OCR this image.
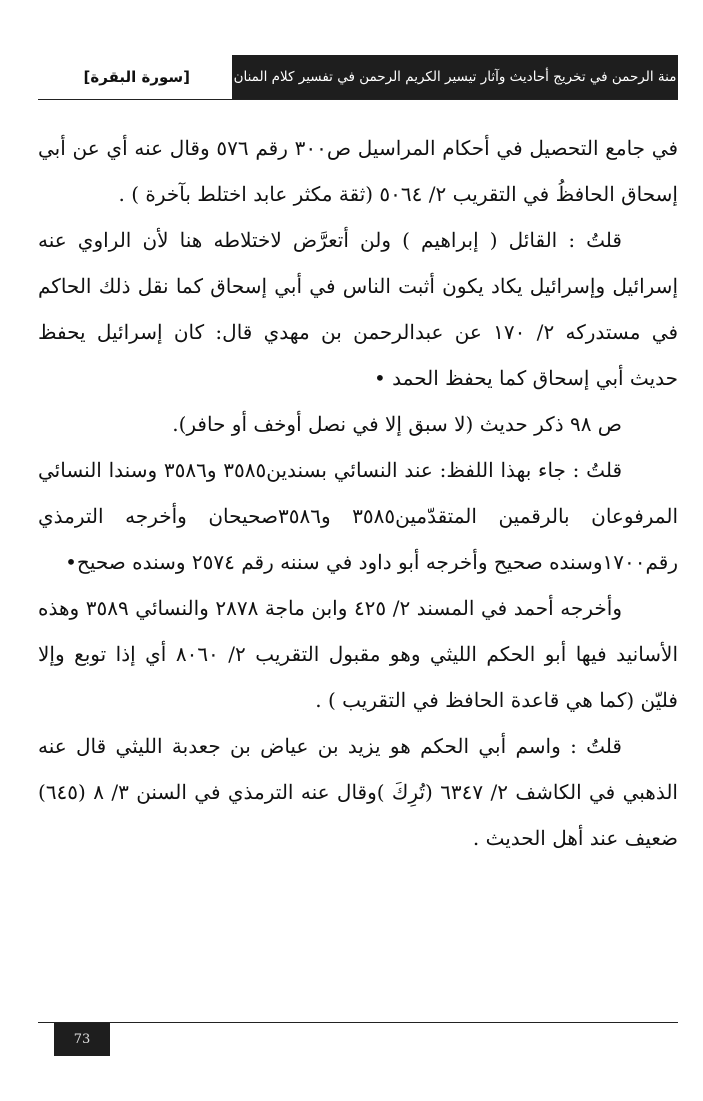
منة الرحمن في تخريج أحاديث وآثار تيسير الكريم الرحمن في تفسير كلام المنان
[سورة البقرة]

في جامع التحصيل في أحكام المراسيل ص٣٠٠ رقم ٥٧٦ وقال عنه أي عن أبي إسحاق الحافظُ في التقريب ٢/ ٥٠٦٤ (ثقة مكثر عابد اختلط بآخرة ) .

قلتُ : القائل ( إبراهيم ) ولن أتعرَّض لاختلاطه هنا لأن الراوي عنه إسرائيل وإسرائيل يكاد يكون أثبت الناس في أبي إسحاق كما نقل ذلك الحاكم في مستدركه ٢/ ١٧٠ عن عبدالرحمن بن مهدي قال: كان إسرائيل يحفظ حديث أبي إسحاق كما يحفظ الحمد •

ص ٩٨ ذكر حديث (لا سبق إلا في نصل أوخف أو حافر).

قلتُ : جاء بهذا اللفظ: عند النسائي بسندين٣٥٨٥ و٣٥٨٦ وسندا النسائي المرفوعان بالرقمين المتقدّمين٣٥٨٥ و٣٥٨٦صحيحان وأخرجه الترمذي رقم١٧٠٠وسنده صحيح وأخرجه أبو داود في سننه رقم ٢٥٧٤ وسنده صحيح•

وأخرجه أحمد في المسند ٢/ ٤٢٥ وابن ماجة ٢٨٧٨ والنسائي ٣٥٨٩ وهذه الأسانيد فيها أبو الحكم الليثي وهو مقبول التقريب ٢/ ٨٠٦٠ أي إذا توبع وإلا فليّن (كما هي قاعدة الحافظ في التقريب ) .

قلتُ : واسم أبي الحكم هو يزيد بن عياض بن جعدبة الليثي قال عنه الذهبي في الكاشف ٢/ ٦٣٤٧ (تُرِكَ )وقال عنه الترمذي في السنن ٣/ ٨ (٦٤٥) ضعيف عند أهل الحديث .

73
